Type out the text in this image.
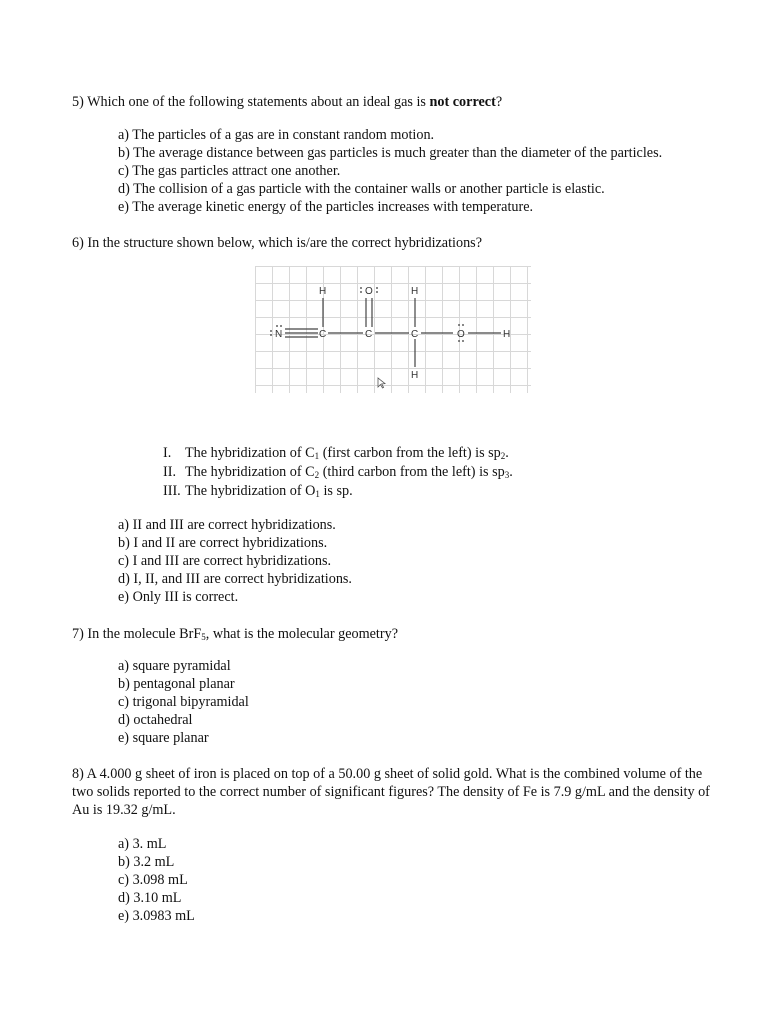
5) Which one of the following statements about an ideal gas is not correct?
a) The particles of a gas are in constant random motion.
b) The average distance between gas particles is much greater than the diameter of the particles.
c) The gas particles attract one another.
d) The collision of a gas particle with the container walls or another particle is elastic.
e) The average kinetic energy of the particles increases with temperature.
6) In the structure shown below, which is/are the correct hybridizations?
N	C	C	C	O	H
H	O	H
H
I. The hybridization of $C_1$ (first carbon from the left) is $sp_2$.
II. The hybridization of $C_2$ (third carbon from the left) is $sp_3$.
III. The hybridization of $O_1$ is sp.
a) II and III are correct hybridizations.
b) I and II are correct hybridizations.
c) I and III are correct hybridizations.
d) I, II, and III are correct hybridizations.
e) Only III is correct.
7) In the molecule BrF$_5$, what is the molecular geometry?
a) square pyramidal
b) pentagonal planar
c) trigonal bipyramidal
d) octahedral
e) square planar
8) A 4.000 g sheet of iron is placed on top of a 50.00 g sheet of solid gold. What is the combined volume of the two solids reported to the correct number of significant figures? The density of Fe is 7.9 g/mL and the density of Au is 19.32 g/mL.
a) 3. mL
b) 3.2 mL
c) 3.098 mL
d) 3.10 mL
e) 3.0983 mL
